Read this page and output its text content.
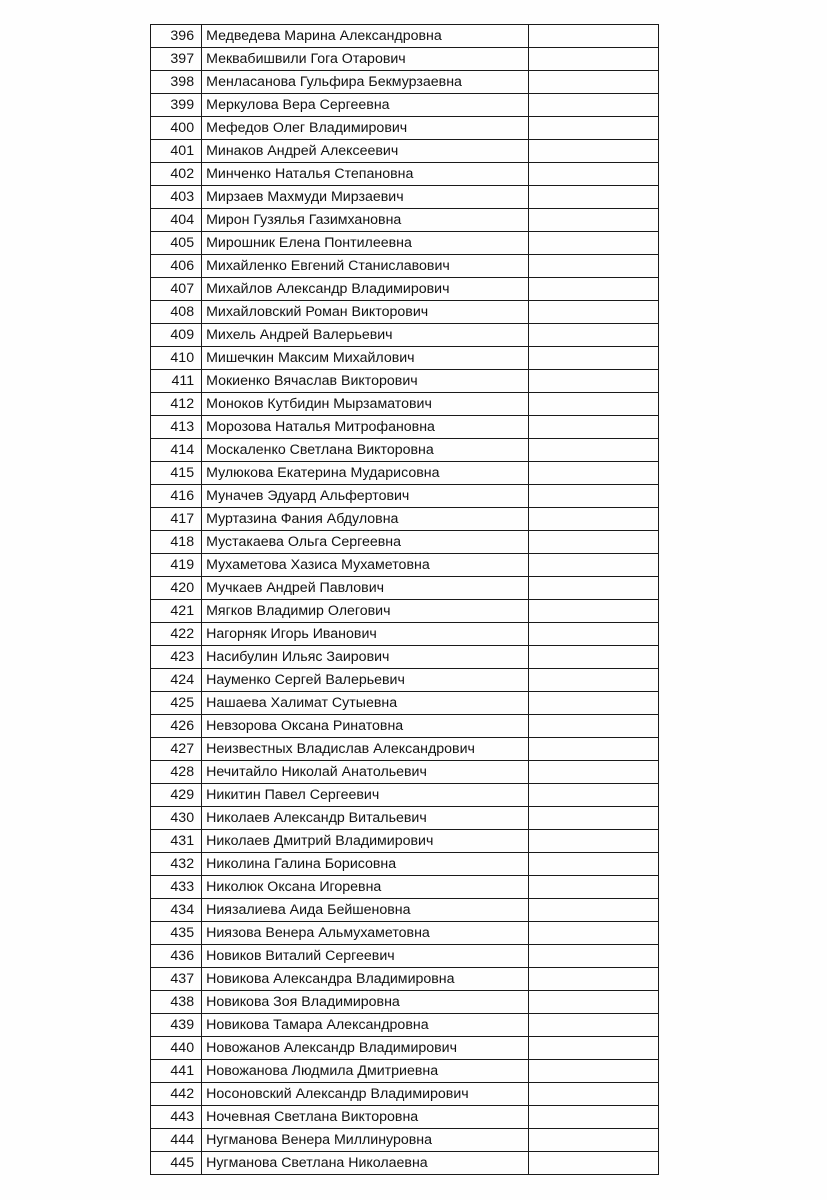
396	Медведева Марина Александровна	
397	Меквабишвили Гога Отарович	
398	Менласанова Гульфира Бекмурзаевна	
399	Меркулова Вера Сергеевна	
400	Мефедов Олег Владимирович	
401	Минаков Андрей Алексеевич	
402	Минченко Наталья Степановна	
403	Мирзаев Махмуди Мирзаевич	
404	Мирон Гузялья Газимхановна	
405	Мирошник Елена Понтилеевна	
406	Михайленко Евгений Станиславович	
407	Михайлов Александр Владимирович	
408	Михайловский Роман Викторович	
409	Михель Андрей Валерьевич	
410	Мишечкин Максим Михайлович	
411	Мокиенко Вячаслав Викторович	
412	Моноков Кутбидин Мырзаматович	
413	Морозова Наталья Митрофановна	
414	Москаленко Светлана Викторовна	
415	Мулюкова Екатерина Мударисовна	
416	Муначев Эдуард Альфертович	
417	Муртазина Фания Абдуловна	
418	Мустакаева Ольга Сергеевна	
419	Мухаметова Хазиса Мухаметовна	
420	Мучкаев Андрей Павлович	
421	Мягков Владимир Олегович	
422	Нагорняк Игорь Иванович	
423	Насибулин Ильяс Заирович	
424	Науменко Сергей Валерьевич	
425	Нашаева Халимат Сутыевна	
426	Невзорова Оксана Ринатовна	
427	Неизвестных Владислав Александрович	
428	Нечитайло Николай Анатольевич	
429	Никитин Павел Сергеевич	
430	Николаев Александр Витальевич	
431	Николаев Дмитрий Владимирович	
432	Николина Галина Борисовна	
433	Николюк Оксана Игоревна	
434	Ниязалиева Аида Бейшеновна	
435	Ниязова Венера Альмухаметовна	
436	Новиков Виталий Сергеевич	
437	Новикова Александра Владимировна	
438	Новикова Зоя Владимировна	
439	Новикова Тамара Александровна	
440	Новожанов Александр Владимирович	
441	Новожанова Людмила Дмитриевна	
442	Носоновский Александр Владимирович	
443	Ночевная Светлана Викторовна	
444	Нугманова Венера Миллинуровна	
445	Нугманова Светлана Николаевна	
